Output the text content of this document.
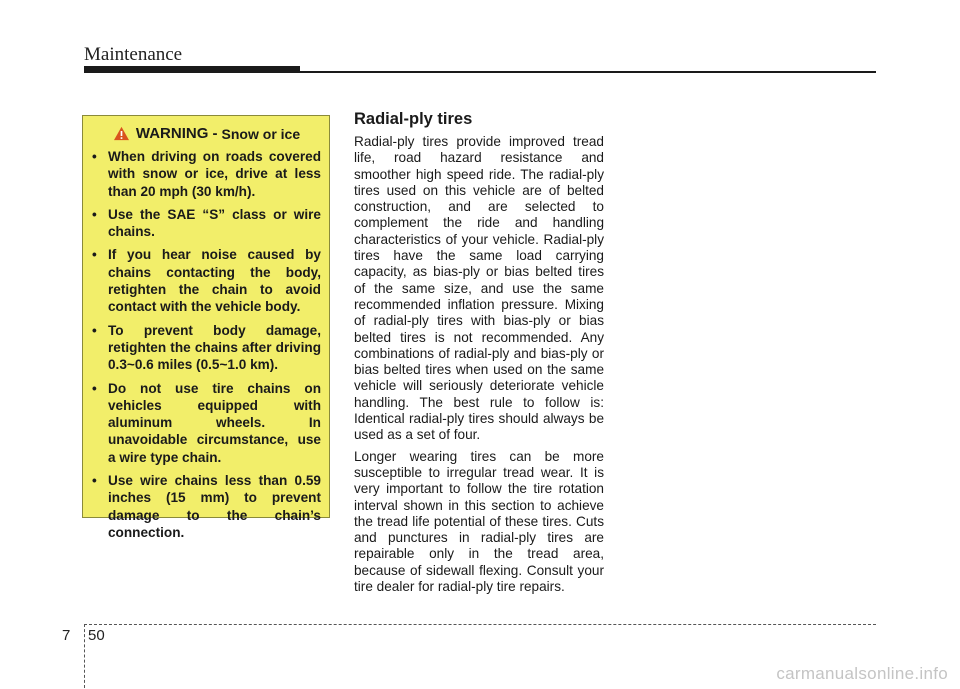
Maintenance
WARNING - Snow or ice
• When driving on roads covered with snow or ice, drive at less than 20 mph (30 km/h).
• Use the SAE “S” class or wire chains.
• If you hear noise caused by chains contacting the body, retighten the chain to avoid contact with the vehicle body.
• To prevent body damage, retighten the chains after driving 0.3~0.6 miles (0.5~1.0 km).
• Do not use tire chains on vehicles equipped with aluminum wheels. In unavoidable circumstance, use a wire type chain.
• Use wire chains less than 0.59 inches (15 mm) to prevent damage to the chain’s connection.
Radial-ply tires

Radial-ply tires provide improved tread life, road hazard resistance and smoother high speed ride. The radial-ply tires used on this vehicle are of belted construction, and are selected to complement the ride and handling characteristics of your vehicle. Radial-ply tires have the same load carrying capacity, as bias-ply or bias belted tires of the same size, and use the same recommended inflation pressure. Mixing of radial-ply tires with bias-ply or bias belted tires is not recommended. Any combinations of radial-ply and bias-ply or bias belted tires when used on the same vehicle will seriously deteriorate vehicle handling. The best rule to follow is: Identical radial-ply tires should always be used as a set of four.

Longer wearing tires can be more susceptible to irregular tread wear. It is very important to follow the tire rotation interval shown in this section to achieve the tread life potential of these tires. Cuts and punctures in radial-ply tires are repairable only in the tread area, because of sidewall flexing. Consult your tire dealer for radial-ply tire repairs.

7 50
carmanualsonline.info
